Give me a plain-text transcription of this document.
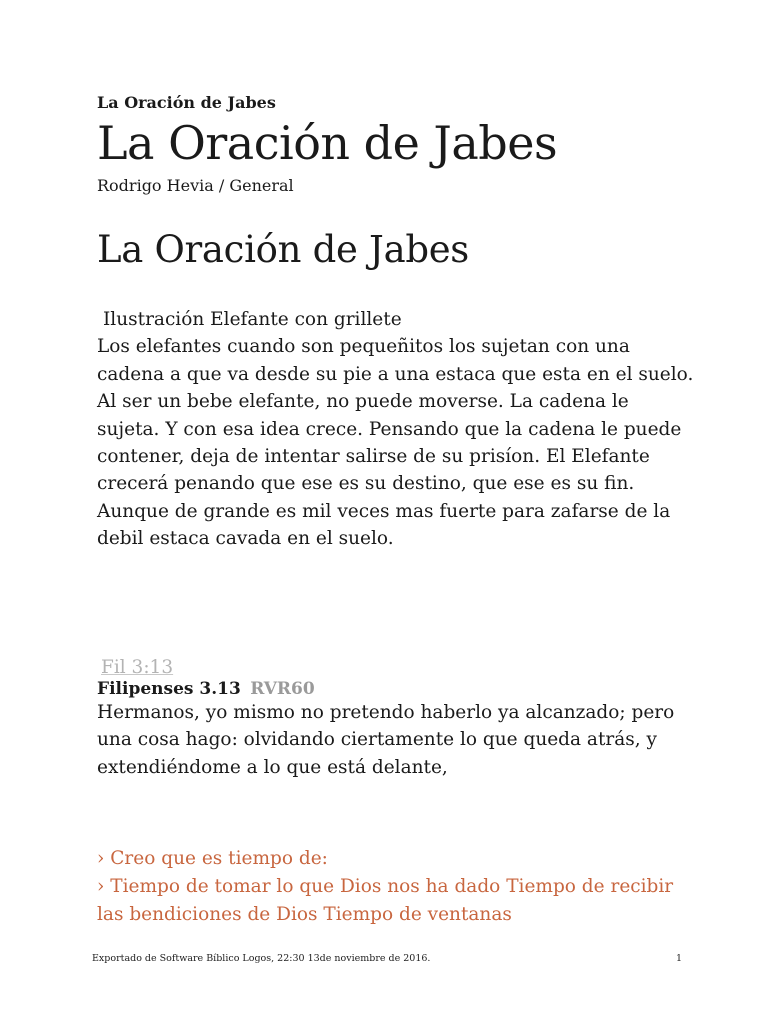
La Oración de Jabes
La Oración de Jabes
Rodrigo Hevia / General
La Oración de Jabes
Ilustración Elefante con grillete
Los elefantes cuando son pequeñitos los sujetan con una cadena a que va desde su pie a una estaca que esta en el suelo. Al ser un bebe elefante, no puede moverse. La cadena le sujeta. Y con esa idea crece. Pensando que la cadena le puede contener, deja de intentar salirse de su prisíon. El Elefante crecerá penando que ese es su destino, que ese es su fin. Aunque de grande es mil veces mas fuerte para zafarse de la debil estaca cavada en el suelo.
Fil 3:13
Filipenses 3.13 RVR60
Hermanos, yo mismo no pretendo haberlo ya alcanzado; pero una cosa hago: olvidando ciertamente lo que queda atrás, y extendiéndome a lo que está delante,
› Creo que es tiempo de:
› Tiempo de tomar lo que Dios nos ha dado Tiempo de recibir las bendiciones de Dios Tiempo de ventanas
Exportado de Software Bíblico Logos, 22:30 13de noviembre de 2016.	1
